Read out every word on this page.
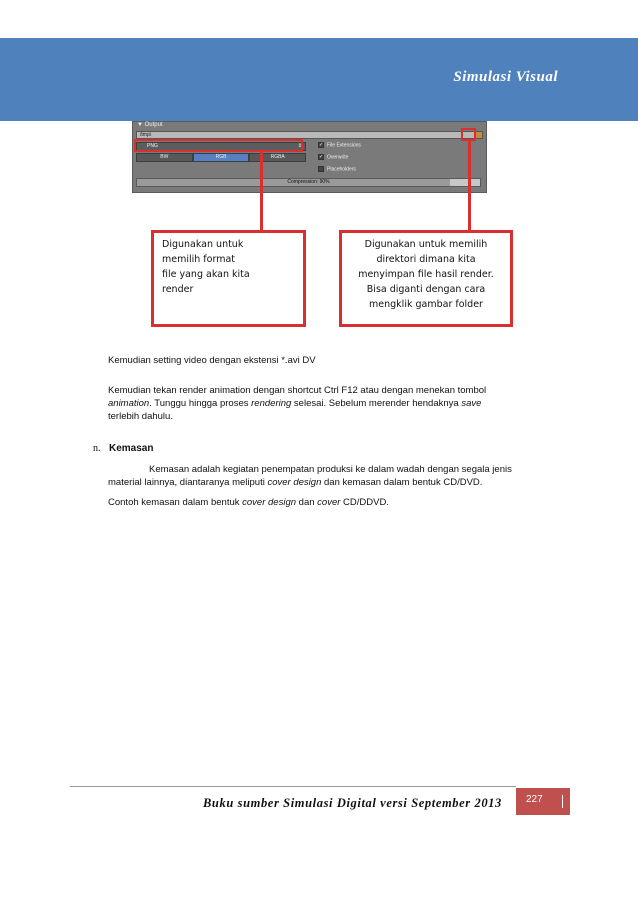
Simulasi Visual
▼ Output
/tmp\
PNG	⇕
BW	RGB	RGBA
✓ File Extensions
✓ Overwrite
Placeholders
Compression: 90%
Digunakan untuk
memilih format
file yang akan kita
render
Digunakan untuk memilih
direktori dimana kita
menyimpan file hasil render.
Bisa diganti dengan cara
mengklik gambar folder
Kemudian setting video dengan ekstensi *.avi DV
Kemudian tekan render animation dengan shortcut Ctrl F12 atau dengan menekan tombol
animation. Tunggu hingga proses rendering selesai. Sebelum merender hendaknya save
terlebih dahulu.
n. Kemasan
Kemasan adalah kegiatan penempatan produksi ke dalam wadah dengan segala jenis
material lainnya, diantaranya meliputi cover design dan kemasan dalam bentuk CD/DVD.
Contoh kemasan dalam bentuk cover design dan cover CD/DDVD.
Buku sumber Simulasi Digital versi September 2013 227
